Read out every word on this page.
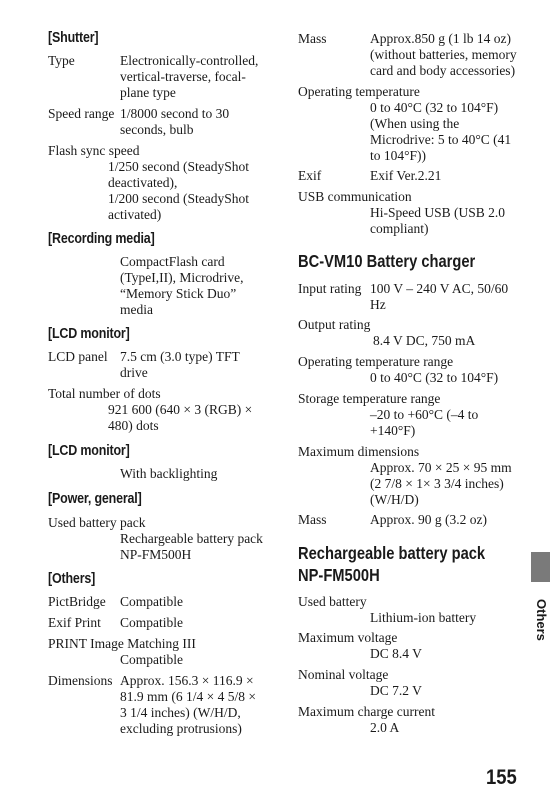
[Shutter]
Type	Electronically-controlled,
vertical-traverse, focal-
plane type
Speed range 1/8000 second to 30
seconds, bulb
Flash sync speed
1/250 second (SteadyShot
deactivated),
1/200 second (SteadyShot
activated)
[Recording media]
CompactFlash card
(TypeI,II), Microdrive,
“Memory Stick Duo”
media
[LCD monitor]
LCD panel 7.5 cm (3.0 type) TFT
drive
Total number of dots
921 600 (640 × 3 (RGB) ×
480) dots
[LCD monitor]
With backlighting
[Power, general]
Used battery pack
Rechargeable battery pack
NP-FM500H
[Others]
PictBridge Compatible
Exif Print Compatible
PRINT Image Matching III
Compatible
Dimensions Approx. 156.3 × 116.9 ×
81.9 mm (6 1/4 × 4 5/8 ×
3 1/4 inches) (W/H/D,
excluding protrusions)
Mass	Approx.850 g (1 lb 14 oz)
(without batteries, memory
card and body accessories)
Operating temperature
0 to 40°C (32 to 104°F)
(When using the
Microdrive: 5 to 40°C (41
to 104°F))
Exif	Exif Ver.2.21
USB communication
Hi-Speed USB (USB 2.0
compliant)
BC-VM10 Battery charger
Input rating 100 V – 240 V AC, 50/60
Hz
Output rating
8.4 V DC, 750 mA
Operating temperature range
0 to 40°C (32 to 104°F)
Storage temperature range
–20 to +60°C (–4 to
+140°F)
Maximum dimensions
Approx. 70 × 25 × 95 mm
(2 7/8 × 1× 3 3/4 inches)
(W/H/D)
Mass	Approx. 90 g (3.2 oz)
Rechargeable battery pack
NP-FM500H
Used battery
Lithium-ion battery
Maximum voltage
DC 8.4 V
Nominal voltage
DC 7.2 V
Maximum charge current
2.0 A
Others
155
